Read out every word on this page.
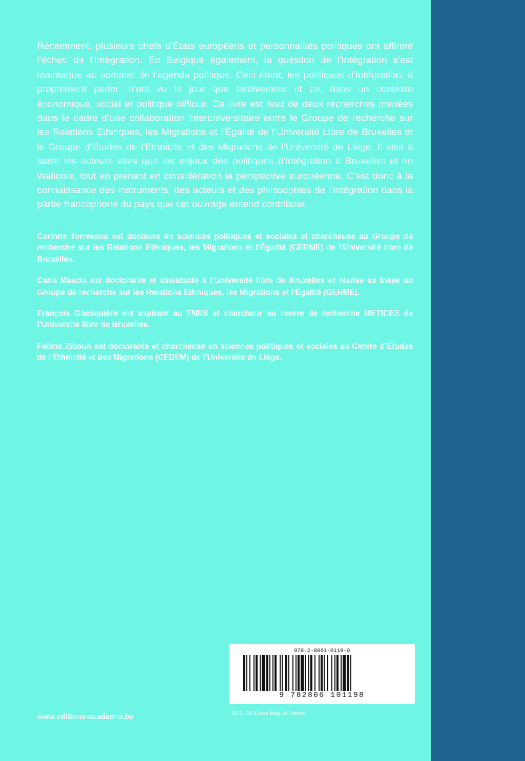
Récemment, plusieurs chefs d’États européens et personnalités politiques ont affirmé l’échec de l’intégration. En Belgique également, la question de l’intégration s’est maintenue au sommet de l’agenda politique. Ceci étant, les politiques d’intégration, à proprement parler, n’ont vu le jour que tardivement et ce, dans un contexte économique, social et politique difficile. Ce livre est issu de deux recherches menées dans le cadre d’une collaboration interuniversitaire entre le Groupe de recherche sur les Relations Ethniques, les Migrations et l’Égalité de l’Université Libre de Bruxelles et le Groupe d’Études de l’Ethnicité et des Migrations de l’Université de Liège. Il vise à saisir les acteurs ainsi que les enjeux des politiques d’intégration à Bruxelles et en Wallonie, tout en prenant en considération la perspective européenne. C’est donc à la connaissance des instruments, des acteurs et des philosophies de l’intégration dans la partie francophone du pays que cet ouvrage entend contribuer.

Corinne Torrekens est docteure en sciences politiques et sociales et chercheuse au Groupe de recherche sur les Relations Ethniques, les Migrations et l’Égalité (GERME) de l’Université libre de Bruxelles.

Carla Mascia est doctorante et assistante à l’Université libre de Bruxelles et réalise sa thèse au Groupe de recherche sur les Relations Ethniques, les Migrations et l’Égalité (GERME).

François Ghesquière est aspirant au FNRS et chercheur au centre de recherche METICES de l’Université libre de Bruxelles.

Fatima Zibouh est doctorante et chercheuse en sciences politiques et sociales au Centre d’Études de l’Ethnicité et des Migrations (CEDEM) de l’Université de Liège.

978-2-8061-0119-8
9 782806 101198
www.editions-academia.be	22 € - 24 € hors Belg. et France
